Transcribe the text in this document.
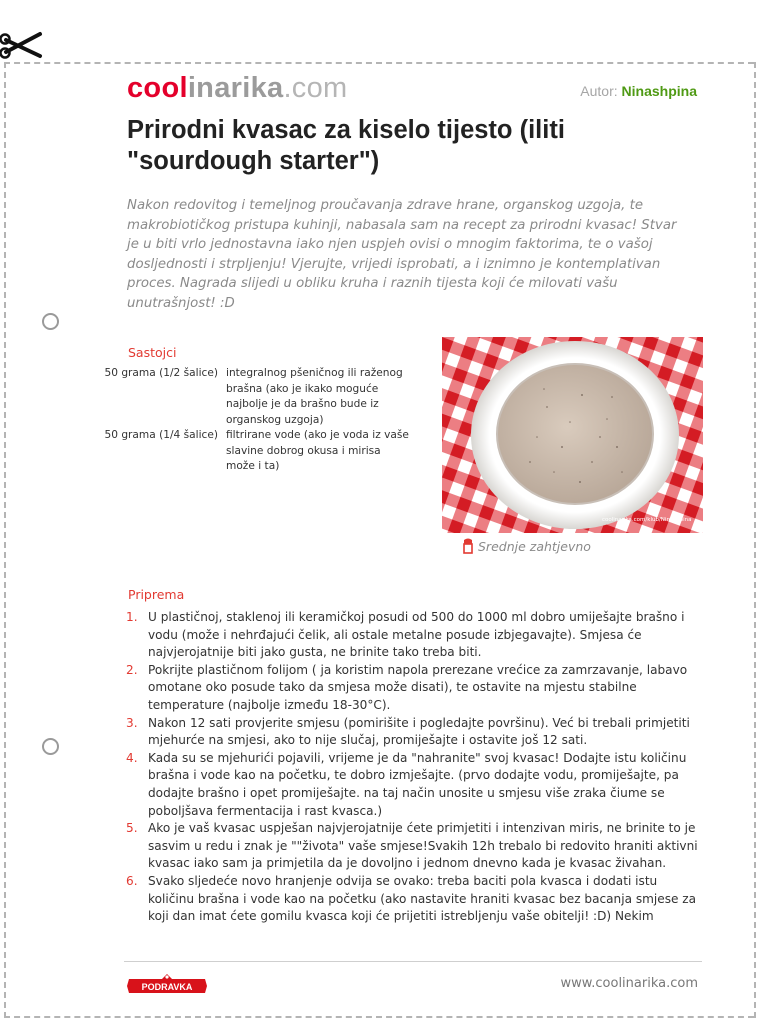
coolinarika.com	Autor: Ninashpina
Prirodni kvasac za kiselo tijesto (iliti "sourdough starter")

Nakon redovitog i temeljnog proučavanja zdrave hrane, organskog uzgoja, te makrobiotičkog pristupa kuhinji, nabasala sam na recept za prirodni kvasac! Stvar je u biti vrlo jednostavna iako njen uspjeh ovisi o mnogim faktorima, te o vašoj dosljednosti i strpljenju! Vjerujte, vrijedi isprobati, a i iznimno je kontemplativan proces. Nagrada slijedi u obliku kruha i raznih tijesta koji će milovati vašu unutrašnjost! :D

Sastojci
50 grama (1/2 šalice) integralnog pšeničnog ili raženog brašna (ako je ikako moguće najbolje je da brašno bude iz organskog uzgoja)
50 grama (1/4 šalice) filtrirane vode (ako je voda iz vaše slavine dobrog okusa i mirisa može i ta)
coolinarika.com/klub/Ninashpina
Srednje zahtjevno
Priprema
1. U plastičnoj, staklenoj ili keramičkoj posudi od 500 do 1000 ml dobro umiješajte brašno i vodu (može i nehrđajući čelik, ali ostale metalne posude izbjegavajte). Smjesa će najvjerojatnije biti jako gusta, ne brinite tako treba biti.
2. Pokrijte plastičnom folijom ( ja koristim napola prerezane vrećice za zamrzavanje, labavo omotane oko posude tako da smjesa može disati), te ostavite na mjestu stabilne temperature (najbolje između 18-30°C).
3. Nakon 12 sati provjerite smjesu (pomirišite i pogledajte površinu). Već bi trebali primjetiti mjehurće na smjesi, ako to nije slučaj, promiješajte i ostavite još 12 sati.
4. Kada su se mjehurići pojavili, vrijeme je da "nahranite" svoj kvasac! Dodajte istu količinu brašna i vode kao na početku, te dobro izmješajte. (prvo dodajte vodu, promiješajte, pa dodajte brašno i opet promiješajte. na taj način unosite u smjesu više zraka čiume se poboljšava fermentacija i rast kvasca.)
5. Ako je vaš kvasac uspješan najvjerojatnije ćete primjetiti i intenzivan miris, ne brinite to je sasvim u redu i znak je ""života" vaše smjese!Svakih 12h trebalo bi redovito hraniti aktivni kvasac iako sam ja primjetila da je dovoljno i jednom dnevno kada je kvasac živahan.
6. Svako sljedeće novo hranjenje odvija se ovako: treba baciti pola kvasca i dodati istu količinu brašna i vode kao na početku (ako nastavite hraniti kvasac bez bacanja smjese za koji dan imat ćete gomilu kvasca koji će prijetiti istrebljenju vaše obitelji! :D) Nekim
PODRAVKA	www.coolinarika.com
